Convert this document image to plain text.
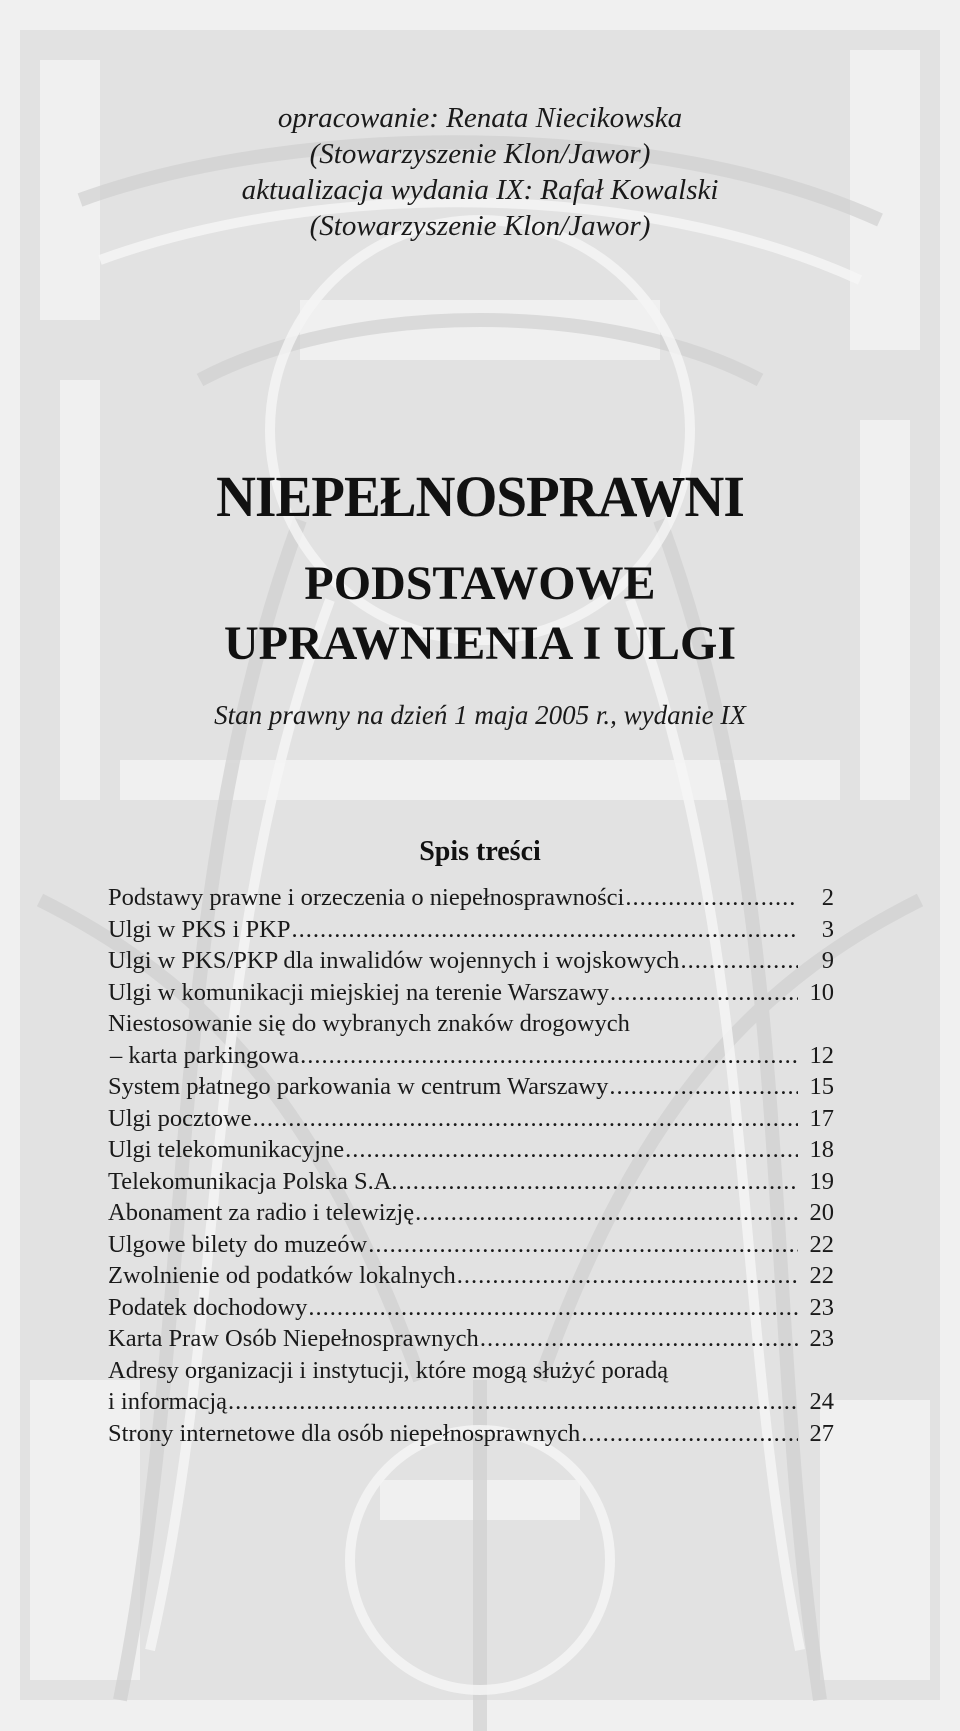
opracowanie: Renata Niecikowska
(Stowarzyszenie Klon/Jawor)
aktualizacja wydania IX: Rafał Kowalski
(Stowarzyszenie Klon/Jawor)
NIEPEŁNOSPRAWNI
PODSTAWOWE
UPRAWNIENIA I ULGI
Stan prawny na dzień 1 maja 2005 r., wydanie IX
Spis treści
Podstawy prawne i orzeczenia o niepełnosprawności .....	2
Ulgi w PKS i PKP .....	3
Ulgi w PKS/PKP dla inwalidów wojennych i wojskowych .....	9
Ulgi w komunikacji miejskiej na terenie Warszawy .....	10
Niestosowanie się do wybranych znaków drogowych
– karta parkingowa .....	12
System płatnego parkowania w centrum Warszawy .....	15
Ulgi pocztowe .....	17
Ulgi telekomunikacyjne .....	18
Telekomunikacja Polska S.A. .....	19
Abonament za radio i telewizję .....	20
Ulgowe bilety do muzeów .....	22
Zwolnienie od podatków lokalnych .....	22
Podatek dochodowy .....	23
Karta Praw Osób Niepełnosprawnych .....	23
Adresy organizacji i instytucji, które mogą służyć poradą
i informacją .....	24
Strony internetowe dla osób niepełnosprawnych .....	27
